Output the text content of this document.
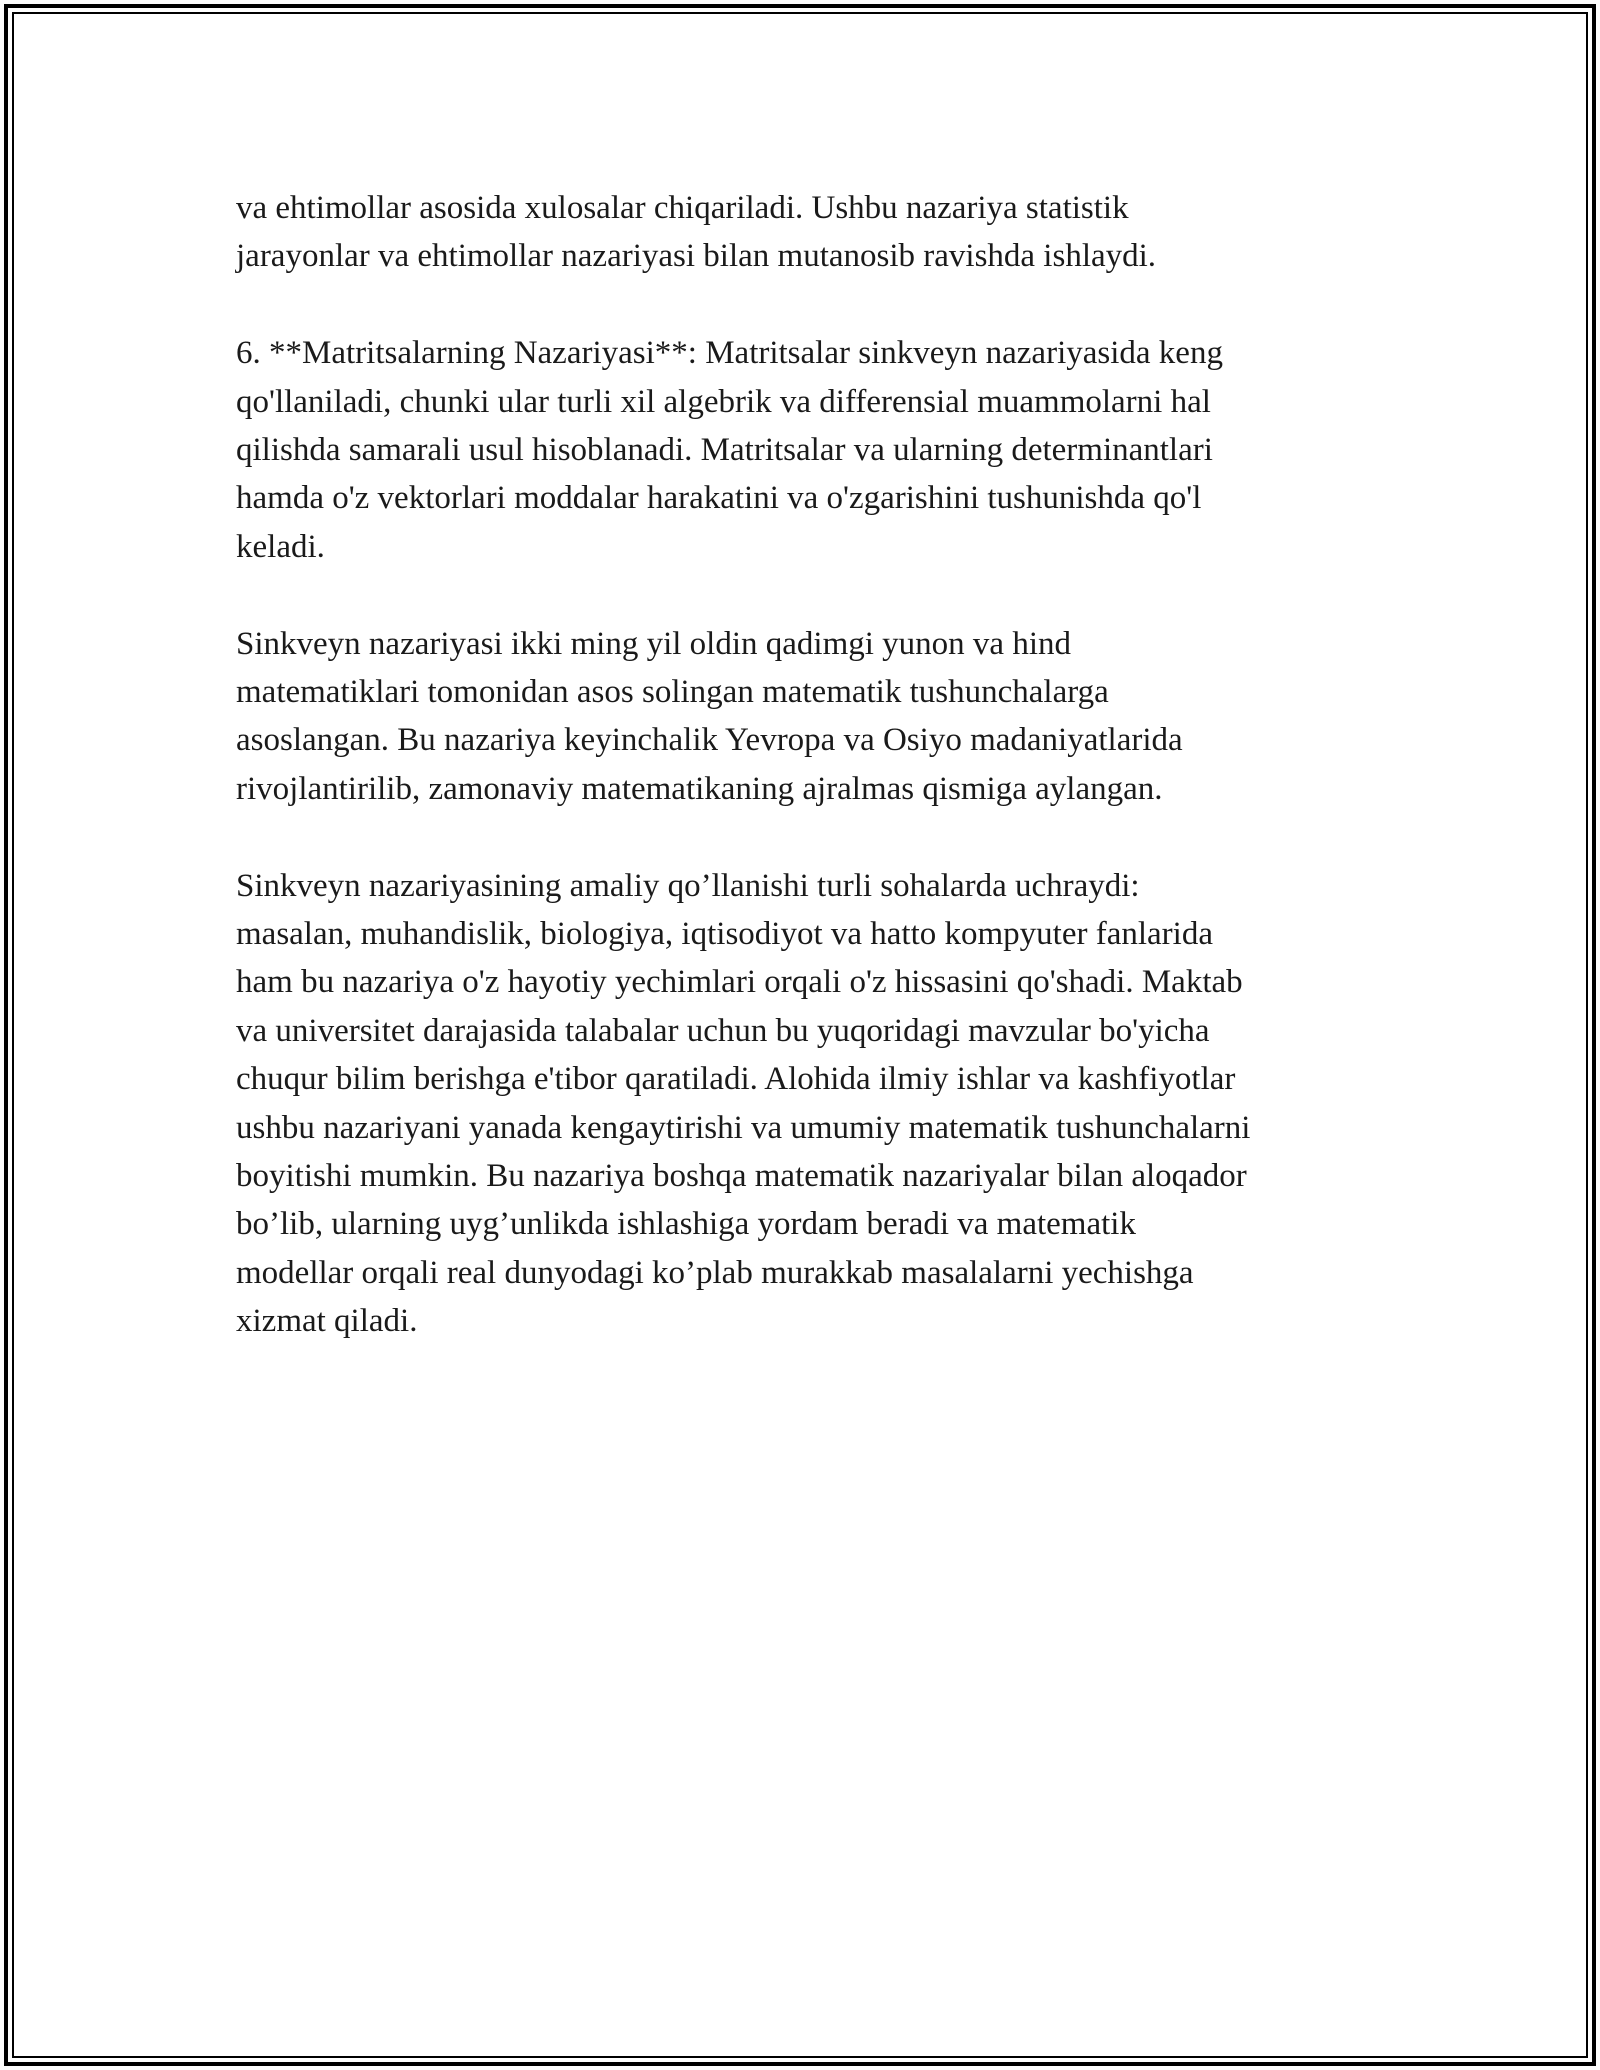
va ehtimollar asosida xulosalar chiqariladi. Ushbu nazariya statistik
jarayonlar va ehtimollar nazariyasi bilan mutanosib ravishda ishlaydi.

6. **Matritsalarning Nazariyasi**: Matritsalar sinkveyn nazariyasida keng
qo'llaniladi, chunki ular turli xil algebrik va differensial muammolarni hal
qilishda samarali usul hisoblanadi. Matritsalar va ularning determinantlari
hamda o'z vektorlari moddalar harakatini va o'zgarishini tushunishda qo'l
keladi.

Sinkveyn nazariyasi ikki ming yil oldin qadimgi yunon va hind
matematiklari tomonidan asos solingan matematik tushunchalarga
asoslangan. Bu nazariya keyinchalik Yevropa va Osiyo madaniyatlarida
rivojlantirilib, zamonaviy matematikaning ajralmas qismiga aylangan.

Sinkveyn nazariyasining amaliy qo’llanishi turli sohalarda uchraydi:
masalan, muhandislik, biologiya, iqtisodiyot va hatto kompyuter fanlarida
ham bu nazariya o'z hayotiy yechimlari orqali o'z hissasini qo'shadi. Maktab
va universitet darajasida talabalar uchun bu yuqoridagi mavzular bo'yicha
chuqur bilim berishga e'tibor qaratiladi. Alohida ilmiy ishlar va kashfiyotlar
ushbu nazariyani yanada kengaytirishi va umumiy matematik tushunchalarni
boyitishi mumkin. Bu nazariya boshqa matematik nazariyalar bilan aloqador
bo’lib, ularning uyg’unlikda ishlashiga yordam beradi va matematik
modellar orqali real dunyodagi ko’plab murakkab masalalarni yechishga
xizmat qiladi.
